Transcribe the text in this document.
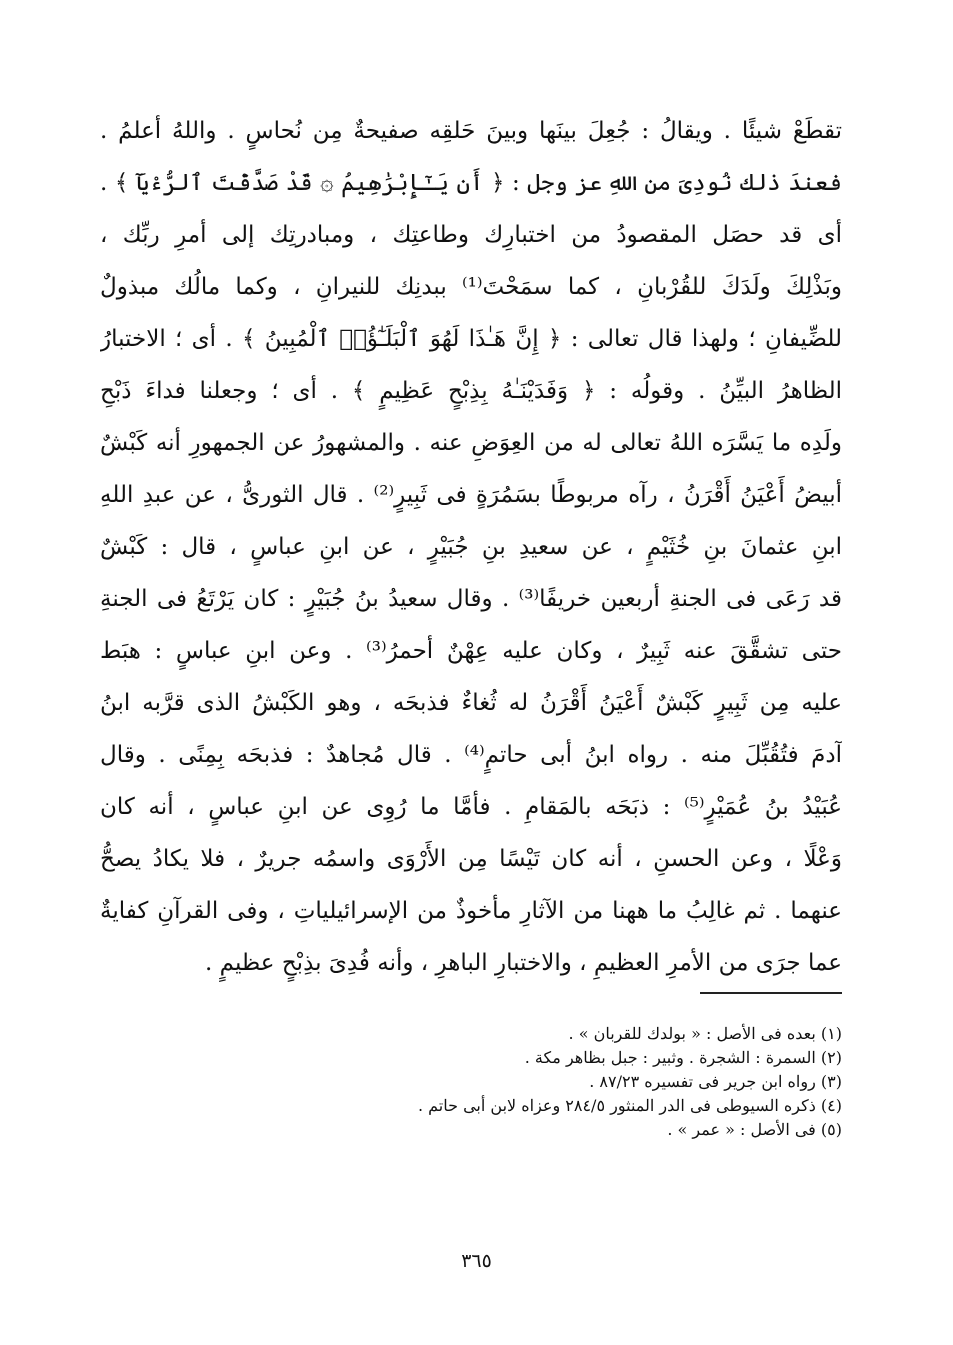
تقطَعْ شيئًا . ويقالُ : جُعِلَ بينَها وبينَ حَلقِه صفيحةٌ مِن نُحاسٍ . واللهُ أعلمُ .
فعندَ ذلك نُودِىَ من اللهِ عز وجل : ﴿ أَن يَـٰٓإِبْرَٰهِيمُ ۞ قَدْ صَدَّقْتَ ٱلرُّءْيَآ ﴾ .
أى قد حصَل المقصودُ من اختبارِك وطاعتِك ، ومبادرتِك إلى أمرِ ربِّك ،
وبَذْلِكَ ولَدَكَ للقُرْبانِ ، كما سمَحْتَ⁽¹⁾ ببدنِك للنيرانِ ، وكما مالُك مبذولٌ
للضِّيفانِ ؛ ولهذا قال تعالى : ﴿ إِنَّ هَـٰذَا لَهُوَ ٱلْبَلَـٰٓؤُا۟ ٱلْمُبِينُ ﴾ . أى ؛ الاختبارُ
الظاهرُ البيِّنُ . وقولُه : ﴿ وَفَدَيْنَـٰهُ بِذِبْحٍ عَظِيمٍ ﴾ . أى ؛ وجعلنا فداءَ ذَبْحِ
ولَدِه ما يَسَّرَه اللهُ تعالى له من العِوَضِ عنه . والمشهورُ عن الجمهورِ أنه كَبْشٌ
أبيضُ أَعْيَنُ أَقْرَنُ ، رآه مربوطًا بسَمُرَةٍ فى ثَبِيرٍ⁽²⁾ . قال الثورىُّ ، عن عبدِ اللهِ
ابنِ عثمانَ بنِ خُثَيْمٍ ، عن سعيدِ بنِ جُبَيْرٍ ، عن ابنِ عباسٍ ، قال : كَبْشٌ
قد رَعَى فى الجنةِ أربعين خريفًا⁽³⁾ . وقال سعيدُ بنُ جُبَيْرٍ : كان يَرْتَعُ فى الجنةِ
حتى تشقَّقَ عنه ثَبِيرٌ ، وكان عليه عِهْنٌ أحمرُ⁽³⁾ . وعن ابنِ عباسٍ : هبَط
عليه مِن ثَبِيرٍ كَبْشٌ أَعْيَنُ أَقْرَنُ له ثُغاءٌ فذبحَه ، وهو الكَبْشُ الذى قرَّبه ابنُ
آدمَ فتُقُبِّلَ منه . رواه ابنُ أبى حاتمٍ⁽⁴⁾ . قال مُجاهدٌ : فذبحَه بِمِنًى . وقال
عُبَيْدُ بنُ عُمَيْرٍ⁽⁵⁾ : ذبَحَه بالمَقامِ . فأمَّا ما رُوِى عن ابنِ عباسٍ ، أنه كان
وَعْلًا ، وعن الحسنِ ، أنه كان تَيْسًا مِن الأَرْوَى واسمُه جريرٌ ، فلا يكادُ يصحُّ
عنهما . ثم غالِبُ ما ههنا من الآثارِ مأخوذٌ من الإسرائيلياتِ ، وفى القرآنِ كفايةٌ
عما جرَى من الأمرِ العظيمِ ، والاختبارِ الباهرِ ، وأنه فُدِىَ بذِبْحٍ عظيمٍ .
(١) بعده فى الأصل : « بولدك للقربان » .
(٢) السمرة : الشجرة . وثبير : جبل بظاهر مكة .
(٣) رواه ابن جرير فى تفسيره ٨٧/٢٣ .
(٤) ذكره السيوطى فى الدر المنثور ٢٨٤/٥ وعزاه لابن أبى حاتم .
(٥) فى الأصل : « عمر » .
٣٦٥
